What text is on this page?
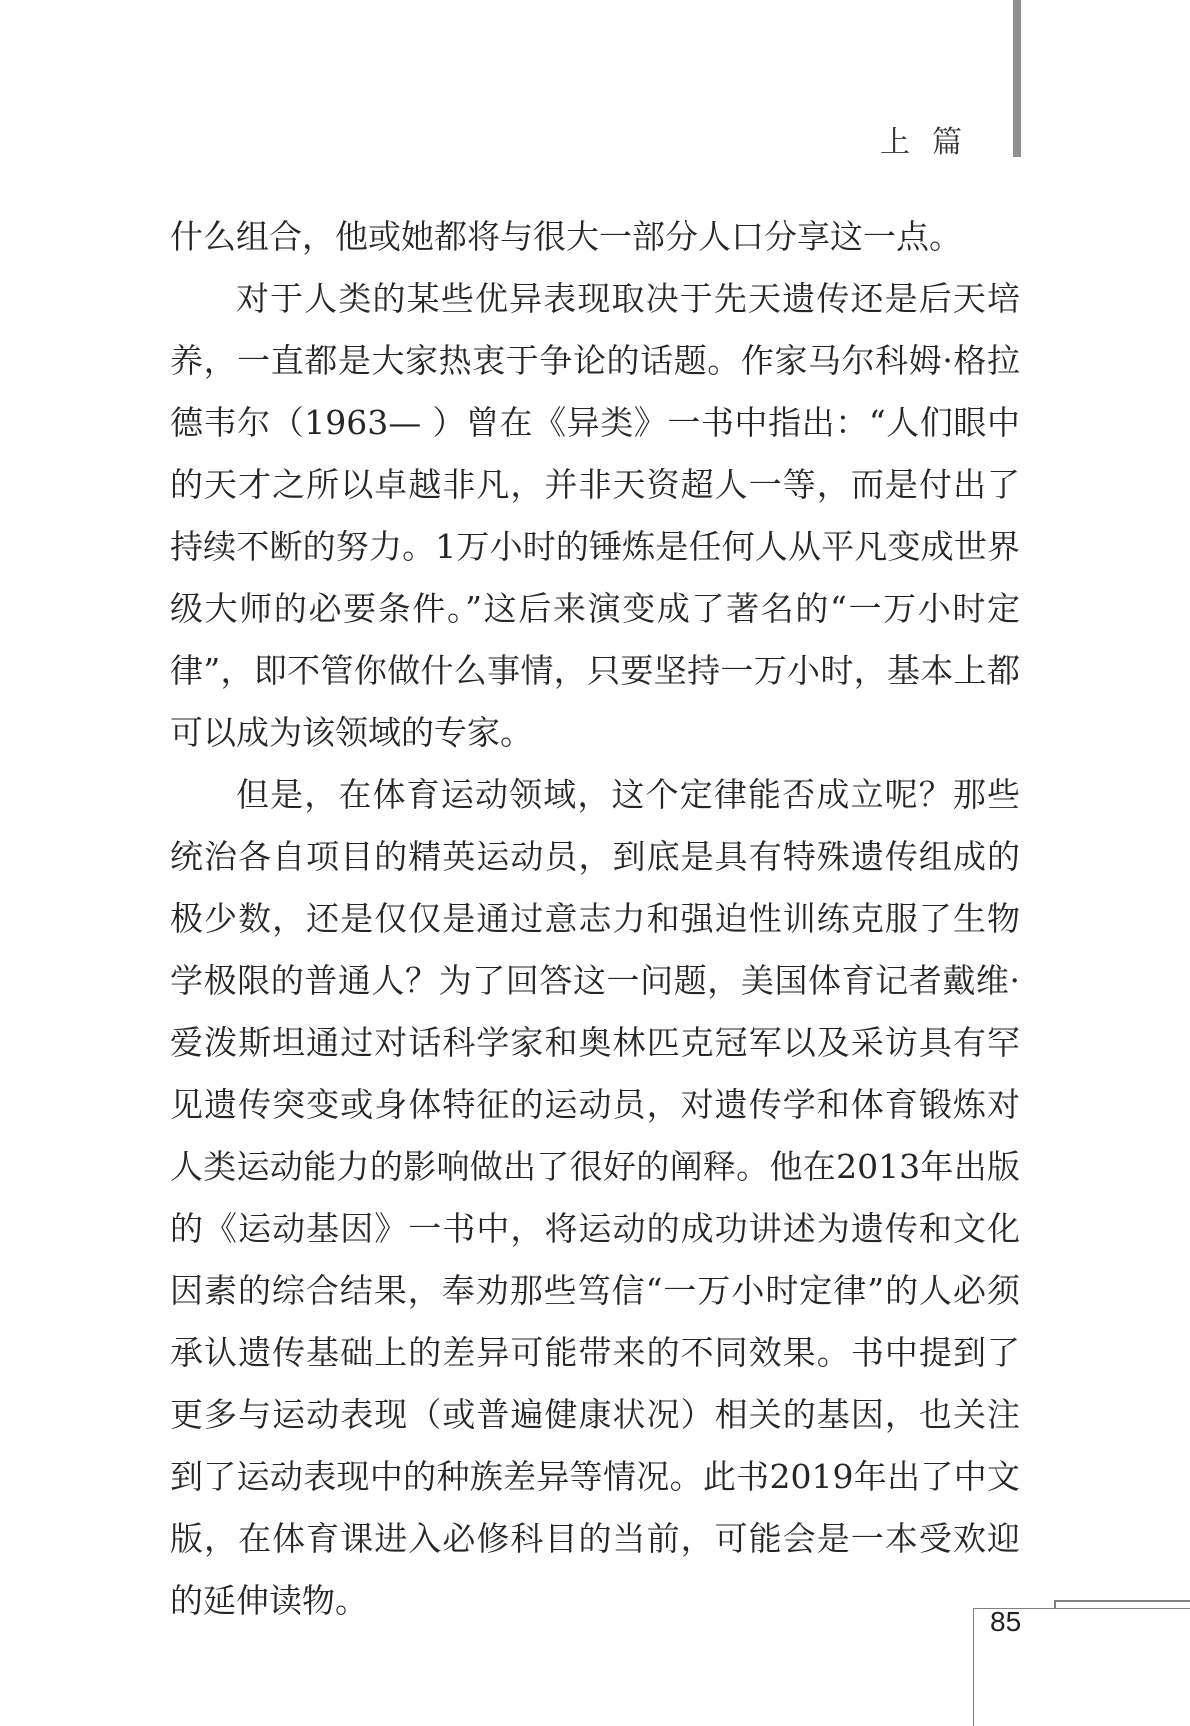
上篇

什么组合，他或她都将与很大一部分人口分享这一点。

对于人类的某些优异表现取决于先天遗传还是后天培养，一直都是大家热衷于争论的话题。作家马尔科姆·格拉德韦尔（1963— ）曾在《异类》一书中指出：“人们眼中的天才之所以卓越非凡，并非天资超人一等，而是付出了持续不断的努力。1万小时的锤炼是任何人从平凡变成世界级大师的必要条件。”这后来演变成了著名的“一万小时定律”，即不管你做什么事情，只要坚持一万小时，基本上都可以成为该领域的专家。

但是，在体育运动领域，这个定律能否成立呢？那些统治各自项目的精英运动员，到底是具有特殊遗传组成的极少数，还是仅仅是通过意志力和强迫性训练克服了生物学极限的普通人？为了回答这一问题，美国体育记者戴维·爱泼斯坦通过对话科学家和奥林匹克冠军以及采访具有罕见遗传突变或身体特征的运动员，对遗传学和体育锻炼对人类运动能力的影响做出了很好的阐释。他在2013年出版的《运动基因》一书中，将运动的成功讲述为遗传和文化因素的综合结果，奉劝那些笃信“一万小时定律”的人必须承认遗传基础上的差异可能带来的不同效果。书中提到了更多与运动表现（或普遍健康状况）相关的基因，也关注到了运动表现中的种族差异等情况。此书2019年出了中文版，在体育课进入必修科目的当前，可能会是一本受欢迎的延伸读物。

85
